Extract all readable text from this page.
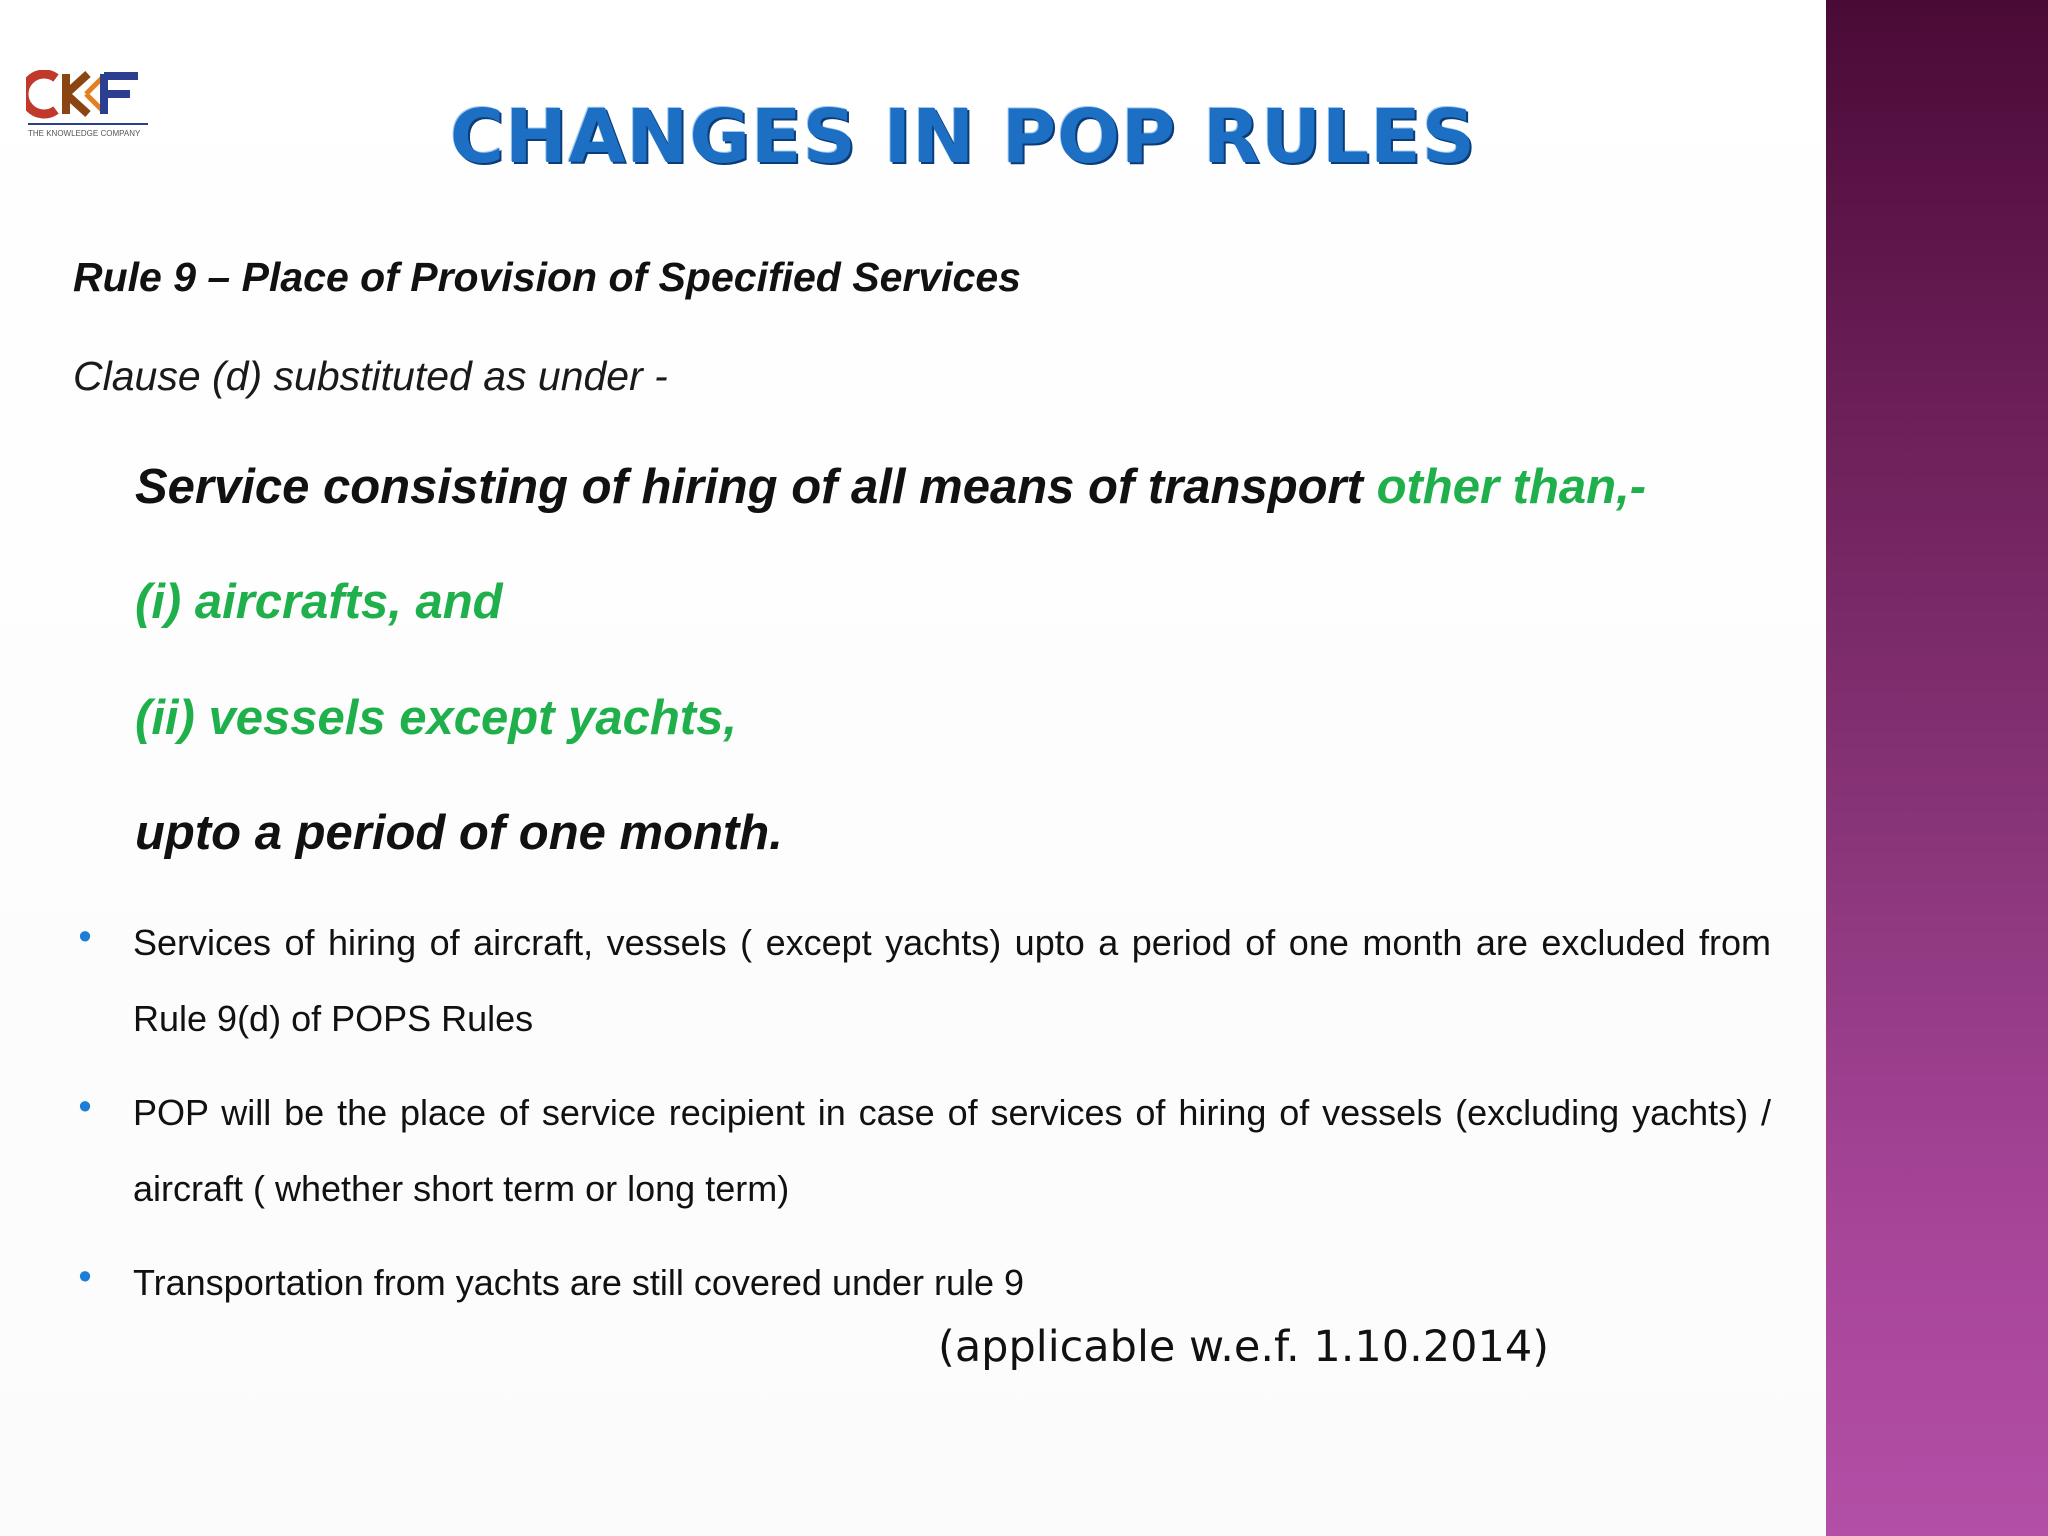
THE KNOWLEDGE COMPANY	CHANGES IN POP RULES
Rule 9 – Place of Provision of Specified Services
Clause (d) substituted as under -
Service consisting of hiring of all means of transport other than,-
(i) aircrafts, and
(ii) vessels except yachts,
upto a period of one month.
• Services of hiring of aircraft, vessels ( except yachts) upto a period of one month are excluded from Rule 9(d) of POPS Rules
• POP will be the place of service recipient in case of services of hiring of vessels (excluding yachts) / aircraft ( whether short term or long term)
• Transportation from yachts are still covered under rule 9
(applicable w.e.f. 1.10.2014)
